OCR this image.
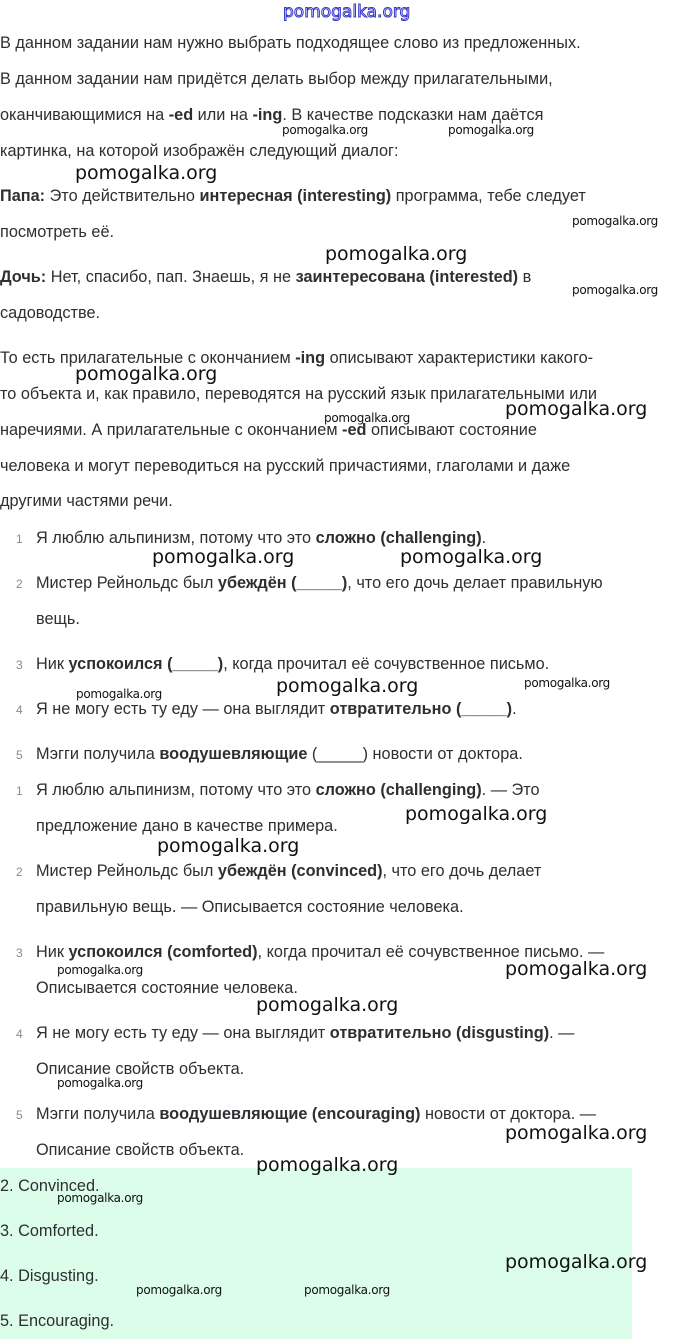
В данном задании нам нужно выбрать подходящее слово из предложенных.
В данном задании нам придётся делать выбор между прилагательными,
оканчивающимися на -ed или на -ing. В качестве подсказки нам даётся
картинка, на которой изображён следующий диалог:
Папа: Это действительно интересная (interesting) программа, тебе следует
посмотреть её.
Дочь: Нет, спасибо, пап. Знаешь, я не заинтересована (interested) в
садоводстве.
То есть прилагательные с окончанием -ing описывают характеристики какого-
то объекта и, как правило, переводятся на русский язык прилагательными или
наречиями. А прилагательные с окончанием -ed описывают состояние
человека и могут переводиться на русский причастиями, глаголами и даже
другими частями речи.
1 Я люблю альпинизм, потому что это сложно (challenging).
2 Мистер Рейнольдс был убеждён (_____), что его дочь делает правильную
вещь.
3 Ник успокоился (_____), когда прочитал её сочувственное письмо.
4 Я не могу есть ту еду — она выглядит отвратительно (_____).
5 Мэгги получила воодушевляющие (_____) новости от доктора.
1 Я люблю альпинизм, потому что это сложно (challenging). — Это
предложение дано в качестве примера.
2 Мистер Рейнольдс был убеждён (convinced), что его дочь делает
правильную вещь. — Описывается состояние человека.
3 Ник успокоился (comforted), когда прочитал её сочувственное письмо. —
Описывается состояние человека.
4 Я не могу есть ту еду — она выглядит отвратительно (disgusting). —
Описание свойств объекта.
5 Мэгги получила воодушевляющие (encouraging) новости от доктора. —
Описание свойств объекта.
2. Convinced.
3. Comforted.
4. Disgusting.
5. Encouraging.
pomogalka.org
pomogalka.org
pomogalka.org
pomogalka.org
pomogalka.org
pomogalka.org	pomogalka.org
pomogalka.org
pomogalka.org
pomogalka.org
pomogalka.org
pomogalka.org
pomogalka.org
pomogalka.org
pomogalka.org
pomogalka.org	pomogalka.org
pomogalka.org
pomogalka.org
pomogalka.org
pomogalka.org
pomogalka.org
pomogalka.org
pomogalka.org
pomogalka.org
pomogalka.org	pomogalka.org
